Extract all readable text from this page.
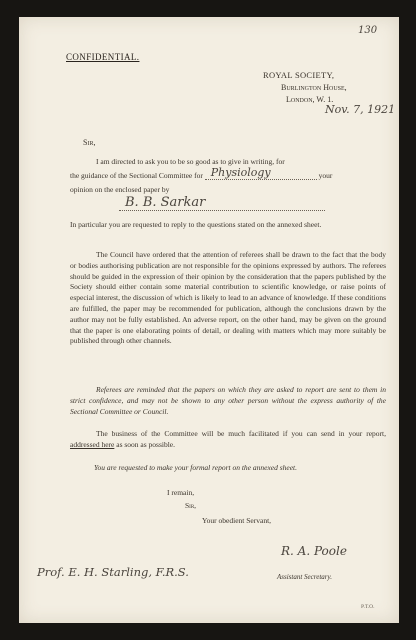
CONFIDENTIAL.
130
ROYAL SOCIETY,
Burlington House,
London, W. 1.
Nov. 7, 1921
Sir,
I am directed to ask you to be so good as to give in writing, for
the guidance of the Sectional Committee for Physiology	your
opinion on the enclosed paper by
B. B. Sarkar

In particular you are requested to reply to the questions stated on the annexed sheet.

The Council have ordered that the attention of referees shall be drawn to the fact that the body or bodies authorising publication are not responsible for the opinions expressed by authors. The referees should be guided in the expression of their opinion by the consideration that the papers published by the Society should either contain some material contribution to scientific knowledge, or raise points of especial interest, the discussion of which is likely to lead to an advance of knowledge. If these conditions are fulfilled, the paper may be recommended for publication, although the conclusions drawn by the author may not be fully established. An adverse report, on the other hand, may be given on the ground that the paper is one elaborating points of detail, or dealing with matters which may more suitably be published through other channels.

Referees are reminded that the papers on which they are asked to report are sent to them in strict confidence, and may not be shown to any other person without the express authority of the Sectional Committee or Council.

The business of the Committee will be much facilitated if you can send in your report, addressed here as soon as possible.

You are requested to make your formal report on the annexed sheet.
I remain,
Sir,
Your obedient Servant,
R. A. Poole
Assistant Secretary.
Prof. E. H. Starling, F.R.S.
P.T.O.
